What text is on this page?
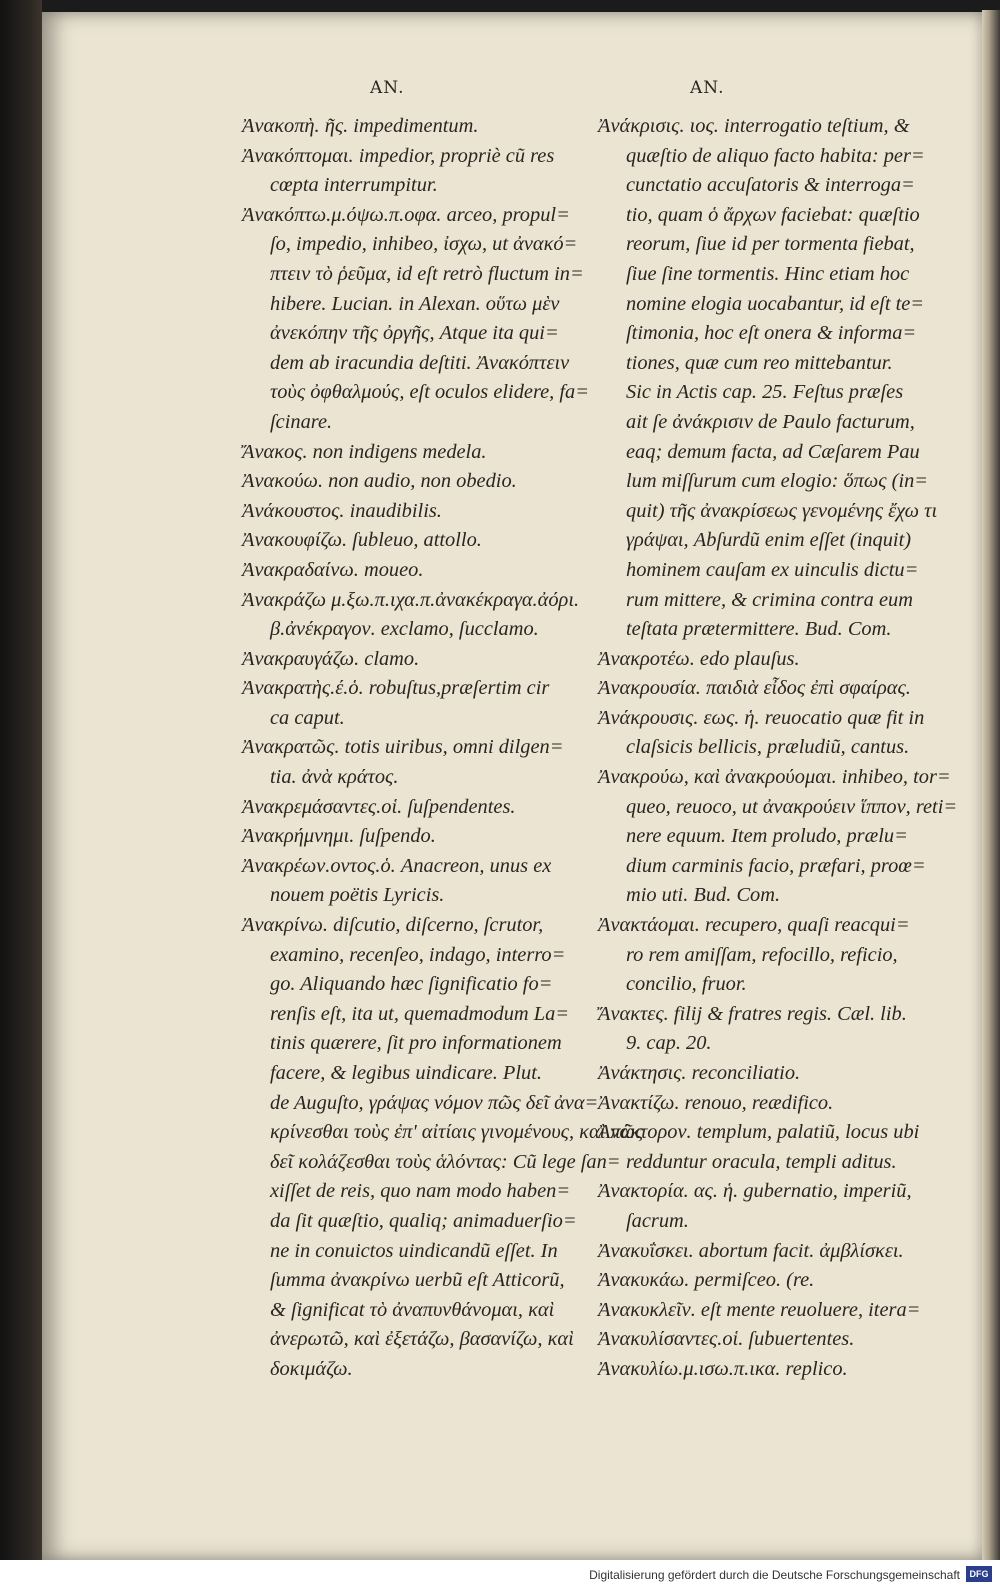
AN.	AN.
Ἀνακοπὴ. ῆς. impedimentum.
Ἀνακόπτομαι. impedior, propriè cũ res
cœpta interrumpitur.
Ἀνακόπτω.μ.όψω.π.οφα. arceo, propul=
ſo, impedio, inhibeo, ἰσχω, ut ἀνακό=
πτειν τὸ ῥεῦμα, id eſt retrò fluctum in=
hibere. Lucian. in Alexan. οὕτω μὲν
ἀνεκόπην τῆς ὀργῆς, Atque ita qui=
dem ab iracundia deſtiti. Ἀνακόπτειν
τοὺς ὀφθαλμούς, eſt oculos elidere, fa=
ſcinare.
Ἄνακος. non indigens medela.
Ἀνακούω. non audio, non obedio.
Ἀνάκουστος. inaudibilis.
Ἀνακουφίζω. ſubleuo, attollo.
Ἀνακραδαίνω. moueo.
Ἀνακράζω μ.ξω.π.ιχα.π.ἀνακέκραγα.ἀόρι.
β.ἀνέκραγον. exclamo, ſucclamo.
Ἀνακραυγάζω. clamo.
Ἀνακρατὴς.έ.ὁ. robuſtus,præſertim cir
ca caput.
Ἀνακρατῶς. totis uiribus, omni dilgen=
tia. ἀνὰ κράτος.
Ἀνακρεμάσαντες.οἱ. ſuſpendentes.
Ἀνακρήμνημι. ſuſpendo.
Ἀνακρέων.οντος.ὁ. Anacreon, unus ex
nouem poëtis Lyricis.
Ἀνακρίνω. diſcutio, diſcerno, ſcrutor,
examino, recenſeo, indago, interro=
go. Aliquando hæc ſignificatio fo=
renſis eſt, ita ut, quemadmodum La=
tinis quærere, ſit pro informationem
facere, & legibus uindicare. Plut.
de Auguſto, γράψας νόμον πῶς δεῖ ἀνα=
κρίνεσθαι τοὺς ἐπ' αἰτίαις γινομένους, καὶ πῶς
δεῖ κολάζεσθαι τοὺς ἁλόντας: Cũ lege ſan=
xiſſet de reis, quo nam modo haben=
da ſit quæſtio, qualiq; animaduerſio=
ne in conuictos uindicandũ eſſet. In
ſumma ἀνακρίνω uerbũ eſt Atticorũ,
& ſignificat τὸ ἀναπυνθάνομαι, καὶ
ἀνερωτῶ, καὶ ἐξετάζω, βασανίζω, καὶ
δοκιμάζω.
Ἀνάκρισις. ιος. interrogatio teſtium, &
quæſtio de aliquo facto habita: per=
cunctatio accuſatoris & interroga=
tio, quam ὁ ἄρχων faciebat: quæſtio
reorum, ſiue id per tormenta fiebat,
ſiue ſine tormentis. Hinc etiam hoc
nomine elogia uocabantur, id eſt te=
ſtimonia, hoc eſt onera & informa=
tiones, quæ cum reo mittebantur.
Sic in Actis cap. 25. Feſtus præſes
ait ſe ἀνάκρισιν de Paulo facturum,
eaq; demum facta, ad Cæſarem Pau
lum miſſurum cum elogio: ὅπως (in=
quit) τῆς ἀνακρίσεως γενομένης ἔχω τι
γράψαι, Abſurdũ enim eſſet (inquit)
hominem cauſam ex uinculis dictu=
rum mittere, & crimina contra eum
teſtata prætermittere. Bud. Com.
Ἀνακροτέω. edo plauſus.
Ἀνακρουσία. παιδιὰ εἶδος ἐπὶ σφαίρας.
Ἀνάκρουσις. εως. ἡ. reuocatio quæ fit in
claſsicis bellicis, præludiũ, cantus.
Ἀνακρούω, καὶ ἀνακρούομαι. inhibeo, tor=
queo, reuoco, ut ἀνακρούειν ἵππον, reti=
nere equum. Item proludo, prælu=
dium carminis facio, præfari, proœ=
mio uti. Bud. Com.
Ἀνακτάομαι. recupero, quaſi reacqui=
ro rem amiſſam, refocillo, reficio,
concilio, fruor.
Ἄνακτες. filij & fratres regis. Cæl. lib.
9. cap. 20.
Ἀνάκτησις. reconciliatio.
Ἀνακτίζω. renouo, reædifico.
Ἀνάκτορον. templum, palatiũ, locus ubi
redduntur oracula, templi aditus.
Ἀνακτορία. ας. ἡ. gubernatio, imperiũ,
ſacrum.
Ἀνακυΐσκει. abortum facit. ἀμβλίσκει.
Ἀνακυκάω. permiſceo. (re.
Ἀνακυκλεῖν. eſt mente reuoluere, itera=
Ἀνακυλίσαντες.οἱ. ſubuertentes.
Ἀνακυλίω.μ.ισω.π.ικα. replico.
Digitalisierung gefördert durch die Deutsche Forschungsgemeinschaft	DFG
